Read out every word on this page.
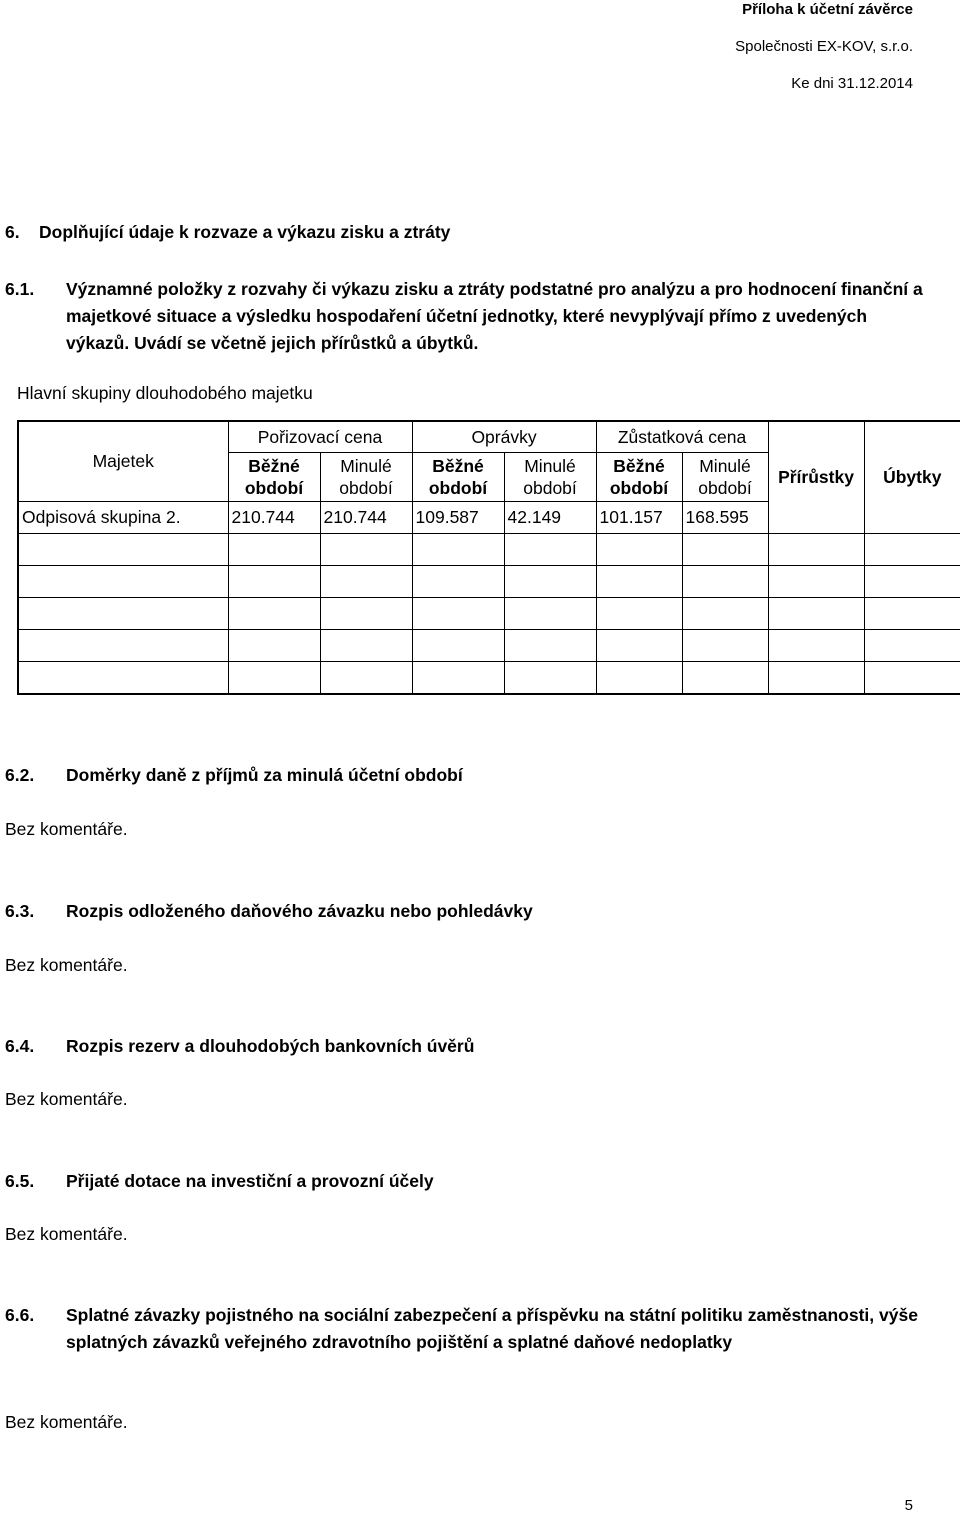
Příloha k účetní závěrce
Společnosti EX-KOV, s.r.o.
Ke dni 31.12.2014
6. Doplňující údaje k rozvaze a výkazu zisku a ztráty
6.1. Významné položky z rozvahy či výkazu zisku a ztráty podstatné pro analýzu a pro hodnocení finanční a majetkové situace a výsledku hospodaření účetní jednotky, které nevyplývají přímo z uvedených výkazů. Uvádí se včetně jejich přírůstků a úbytků.
Hlavní skupiny dlouhodobého majetku
Majetek	Pořizovací cena		Oprávky		Zůstatková cena		Přírůstky	Úbytky
	Běžné období	Minulé období	Běžné období	Minulé období	Běžné období	Minulé období		
Odpisová skupina 2.	210.744	210.744	109.587	42.149	101.157	168.595		

6.2. Doměrky daně z příjmů za minulá účetní období
Bez komentáře.
6.3. Rozpis odloženého daňového závazku nebo pohledávky
Bez komentáře.
6.4. Rozpis rezerv a dlouhodobých bankovních úvěrů
Bez komentáře.
6.5. Přijaté dotace na investiční a provozní účely
Bez komentáře.
6.6. Splatné závazky pojistného na sociální zabezpečení a příspěvku na státní politiku zaměstnanosti, výše splatných závazků veřejného zdravotního pojištění a splatné daňové nedoplatky
Bez komentáře.
5
